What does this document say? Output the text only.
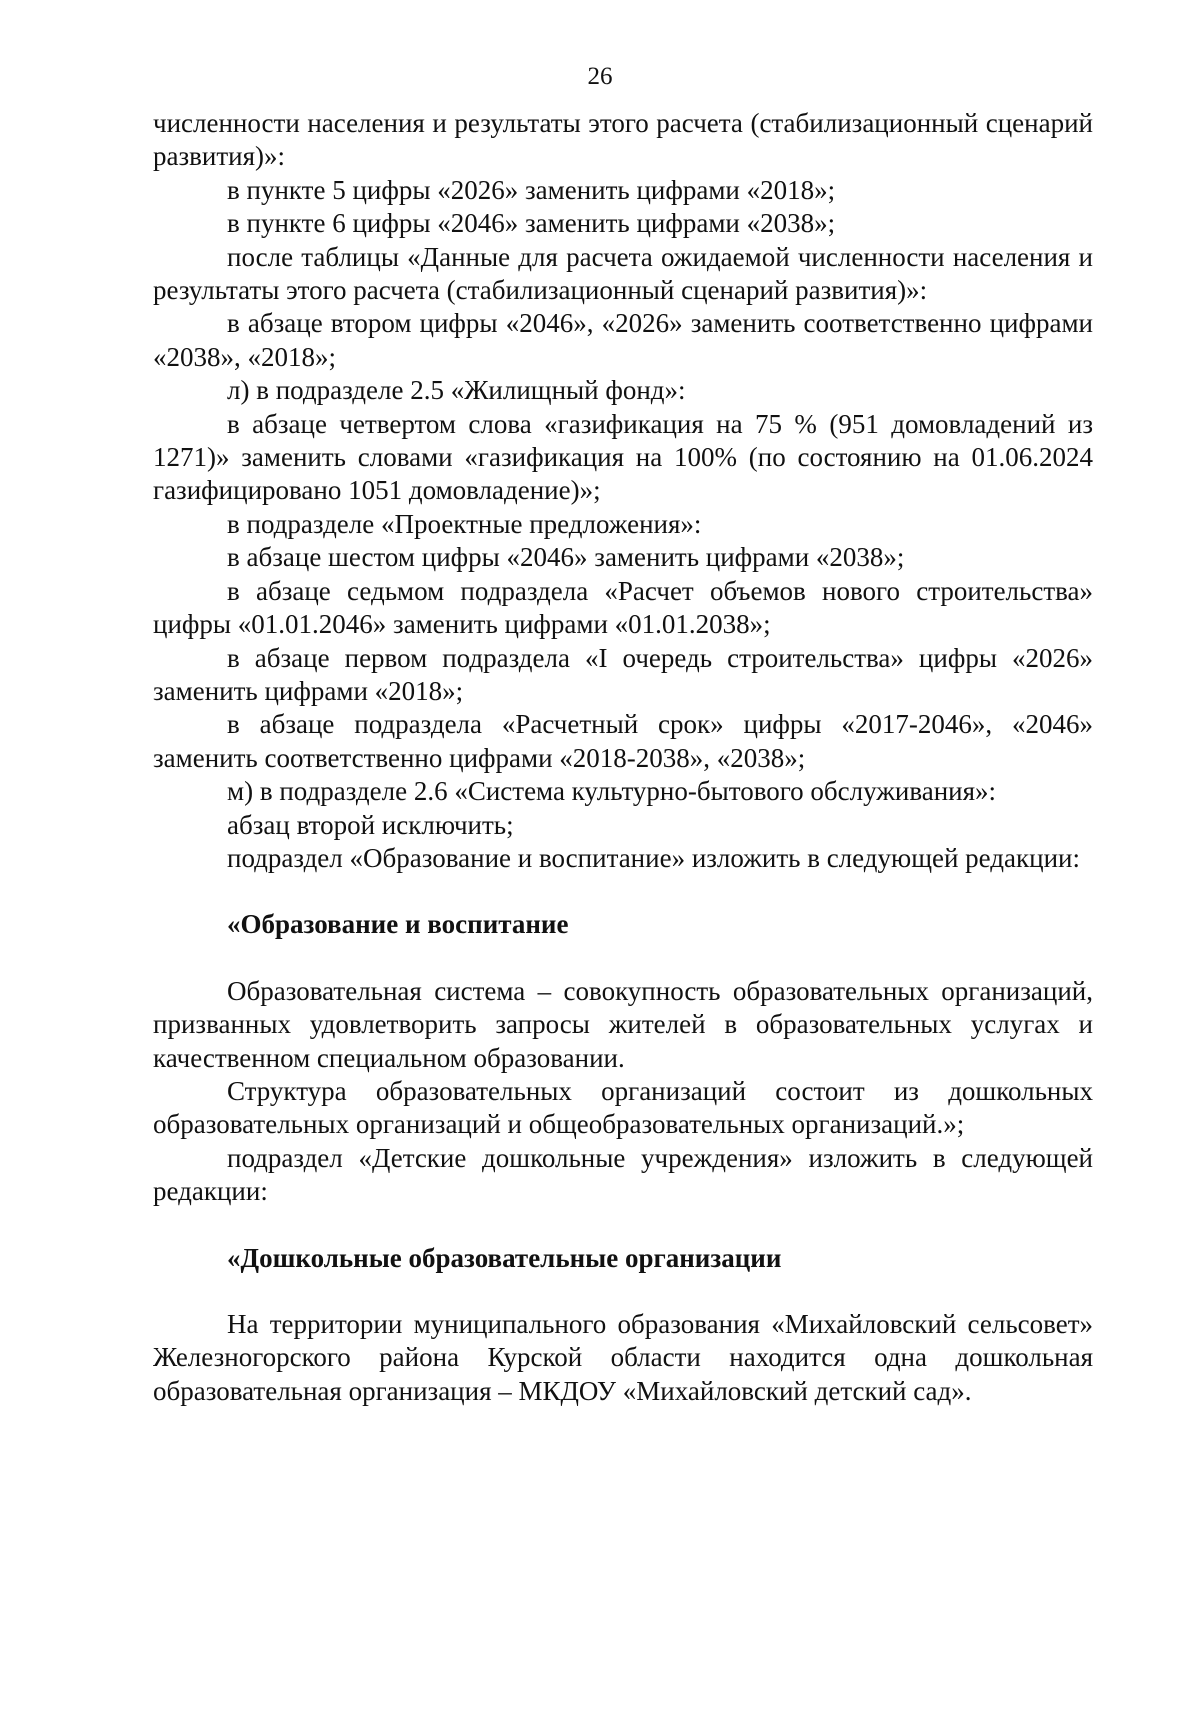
26

численности населения и результаты этого расчета (стабилизационный сценарий развития)»:

в пункте 5 цифры «2026» заменить цифрами «2018»;

в пункте 6 цифры «2046» заменить цифрами «2038»;

после таблицы «Данные для расчета ожидаемой численности населения и результаты этого расчета (стабилизационный сценарий развития)»:

в абзаце втором цифры «2046», «2026» заменить соответственно цифрами «2038», «2018»;

л) в подразделе 2.5 «Жилищный фонд»:

в абзаце четвертом слова «газификация на 75 % (951 домовладений из 1271)» заменить словами «газификация на 100% (по состоянию на 01.06.2024 газифицировано 1051 домовладение)»;

в подразделе «Проектные предложения»:

в абзаце шестом цифры «2046» заменить цифрами «2038»;

в абзаце седьмом подраздела «Расчет объемов нового строительства» цифры «01.01.2046» заменить цифрами «01.01.2038»;

в абзаце первом подраздела «I очередь строительства» цифры «2026» заменить цифрами «2018»;

в абзаце подраздела «Расчетный срок» цифры «2017-2046», «2046» заменить соответственно цифрами «2018-2038», «2038»;

м) в подразделе 2.6 «Система культурно-бытового обслуживания»:

абзац второй исключить;

подраздел «Образование и воспитание» изложить в следующей редакции:

«Образование и воспитание

Образовательная система – совокупность образовательных организаций, призванных удовлетворить запросы жителей в образовательных услугах и качественном специальном образовании.

Структура образовательных организаций состоит из дошкольных образовательных организаций и общеобразовательных организаций.»;

подраздел «Детские дошкольные учреждения» изложить в следующей редакции:

«Дошкольные образовательные организации

На территории муниципального образования «Михайловский сельсовет» Железногорского района Курской области находится одна дошкольная образовательная организация – МКДОУ «Михайловский детский сад».
